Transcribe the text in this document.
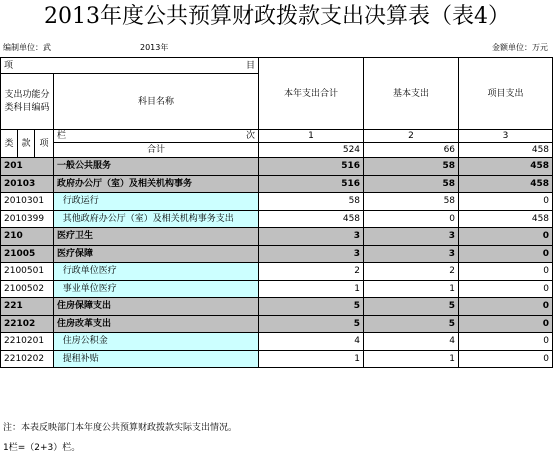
2013年度公共预算财政拨款支出决算表（表4）
编制单位：武	2013年	金额单位：万元
项 目				本年支出合计	基本支出	项目支出
支出功能分类科目编码			科目名称			
类	款	项	栏 次	1	2	3
			合计	524	66	458
201			一般公共服务	516	58	458
20103			政府办公厅（室）及相关机构事务	516	58	458
2010301			行政运行	58	58	0
2010399			其他政府办公厅（室）及相关机构事务支出	458	0	458
210			医疗卫生	3	3	0
21005			医疗保障	3	3	0
2100501			行政单位医疗	2	2	0
2100502			事业单位医疗	1	1	0
221			住房保障支出	5	5	0
22102			住房改革支出	5	5	0
2210201			住房公积金	4	4	0
2210202			提租补贴	1	1	0
注：本表反映部门本年度公共预算财政拨款实际支出情况。
1栏=（2+3）栏。
